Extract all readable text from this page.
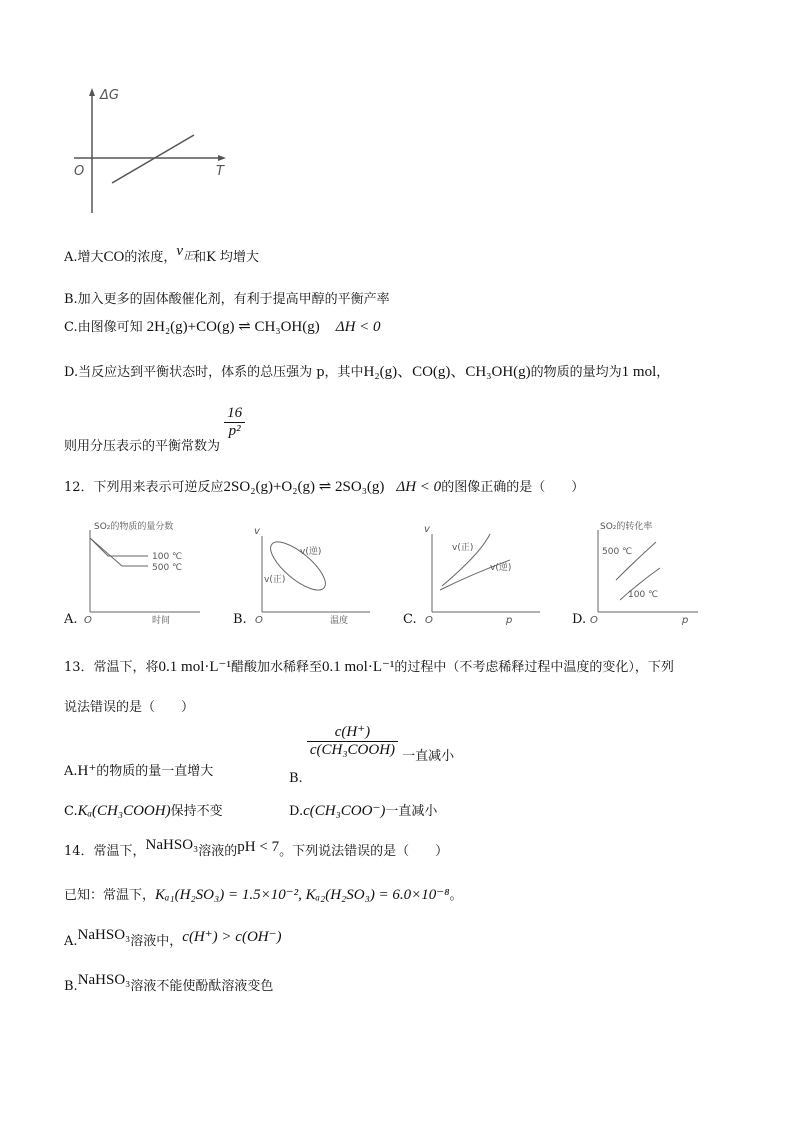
ΔG
O	T
A.增大CO的浓度，$v_正$和K 均增大
B.加入更多的固体酸催化剂，有利于提高甲醇的平衡产率
C.由图像可知 2H₂(g)+CO(g) ⇌ CH₃OH(g) ΔH < 0
D.当反应达到平衡状态时，体系的总压强为 p，其中H₂(g)、CO(g)、CH₃OH(g)的物质的量均为1 mol，
则用分压表示的平衡常数为
$\frac{16}{\text{p²}}$
12．下列用来表示可逆反应2SO₂(g)+O₂(g) ⇌ 2SO₃(g) ΔH < 0的图像正确的是（　　）
A.
SO₂的物质的量分数
100 ℃
500 ℃
O	时间	B.
v
v(逆)
v(正)
O	温度	C.
v
v(正)
v(逆)
O	p	D.
SO₂的转化率
500 ℃
100 ℃
O	p
13．常温下，将0.1 mol·L⁻¹醋酸加水稀释至0.1 mol·L⁻¹的过程中（不考虑稀释过程中温度的变化），下列
说法错误的是（　　）
A.H⁺的物质的量一直增大	B.
$\frac{c(H^+)}{\text{c(CH₃COOH)}}$ 一直减小
C.Kₐ(CH₃COOH)保持不变	D.c(CH₃COO⁻)一直减小
14．常温下，NaHSO₃溶液的pH < 7。下列说法错误的是（　　）
已知：常温下，Kₐ₁(H₂SO₃) = 1.5×10⁻², Kₐ₂(H₂SO₃) = 6.0×10⁻⁸。
A.NaHSO₃溶液中，c(H⁺) > c(OH⁻)
B.NaHSO₃溶液不能使酚酞溶液变色
